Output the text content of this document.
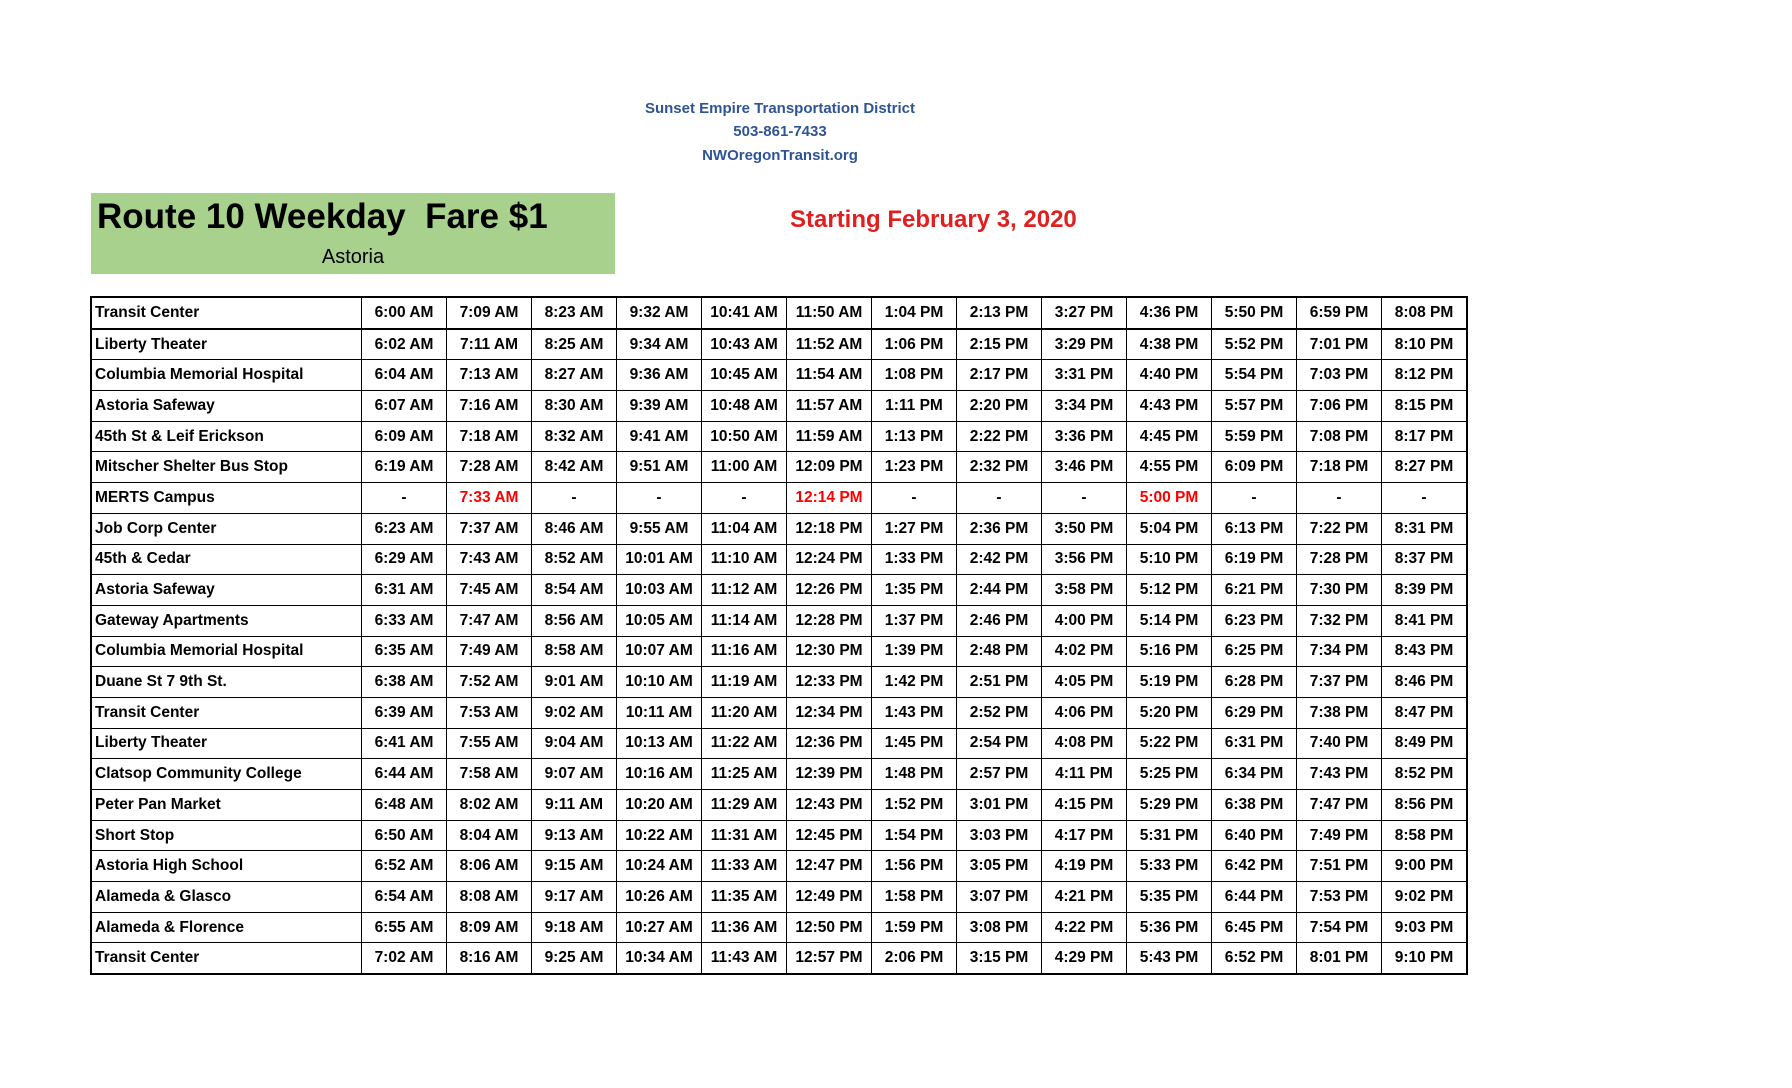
Sunset Empire Transportation District
503-861-7433
NWOregonTransit.org
Route 10 Weekday  Fare $1
Astoria
Starting February 3, 2020
Transit Center	6:00 AM	7:09 AM	8:23 AM	9:32 AM	10:41 AM	11:50 AM	1:04 PM	2:13 PM	3:27 PM	4:36 PM	5:50 PM	6:59 PM	8:08 PM
Liberty Theater	6:02 AM	7:11 AM	8:25 AM	9:34 AM	10:43 AM	11:52 AM	1:06 PM	2:15 PM	3:29 PM	4:38 PM	5:52 PM	7:01 PM	8:10 PM
Columbia Memorial Hospital	6:04 AM	7:13 AM	8:27 AM	9:36 AM	10:45 AM	11:54 AM	1:08 PM	2:17 PM	3:31 PM	4:40 PM	5:54 PM	7:03 PM	8:12 PM
Astoria Safeway	6:07 AM	7:16 AM	8:30 AM	9:39 AM	10:48 AM	11:57 AM	1:11 PM	2:20 PM	3:34 PM	4:43 PM	5:57 PM	7:06 PM	8:15 PM
45th St & Leif Erickson	6:09 AM	7:18 AM	8:32 AM	9:41 AM	10:50 AM	11:59 AM	1:13 PM	2:22 PM	3:36 PM	4:45 PM	5:59 PM	7:08 PM	8:17 PM
Mitscher Shelter Bus Stop	6:19 AM	7:28 AM	8:42 AM	9:51 AM	11:00 AM	12:09 PM	1:23 PM	2:32 PM	3:46 PM	4:55 PM	6:09 PM	7:18 PM	8:27 PM
MERTS Campus	-	7:33 AM	-	-	-	12:14 PM	-	-	-	5:00 PM	-	-	-
Job Corp Center	6:23 AM	7:37 AM	8:46 AM	9:55 AM	11:04 AM	12:18 PM	1:27 PM	2:36 PM	3:50 PM	5:04 PM	6:13 PM	7:22 PM	8:31 PM
45th & Cedar	6:29 AM	7:43 AM	8:52 AM	10:01 AM	11:10 AM	12:24 PM	1:33 PM	2:42 PM	3:56 PM	5:10 PM	6:19 PM	7:28 PM	8:37 PM
Astoria Safeway	6:31 AM	7:45 AM	8:54 AM	10:03 AM	11:12 AM	12:26 PM	1:35 PM	2:44 PM	3:58 PM	5:12 PM	6:21 PM	7:30 PM	8:39 PM
Gateway Apartments	6:33 AM	7:47 AM	8:56 AM	10:05 AM	11:14 AM	12:28 PM	1:37 PM	2:46 PM	4:00 PM	5:14 PM	6:23 PM	7:32 PM	8:41 PM
Columbia Memorial Hospital	6:35 AM	7:49 AM	8:58 AM	10:07 AM	11:16 AM	12:30 PM	1:39 PM	2:48 PM	4:02 PM	5:16 PM	6:25 PM	7:34 PM	8:43 PM
Duane St 7 9th St.	6:38 AM	7:52 AM	9:01 AM	10:10 AM	11:19 AM	12:33 PM	1:42 PM	2:51 PM	4:05 PM	5:19 PM	6:28 PM	7:37 PM	8:46 PM
Transit Center	6:39 AM	7:53 AM	9:02 AM	10:11 AM	11:20 AM	12:34 PM	1:43 PM	2:52 PM	4:06 PM	5:20 PM	6:29 PM	7:38 PM	8:47 PM
Liberty Theater	6:41 AM	7:55 AM	9:04 AM	10:13 AM	11:22 AM	12:36 PM	1:45 PM	2:54 PM	4:08 PM	5:22 PM	6:31 PM	7:40 PM	8:49 PM
Clatsop Community College	6:44 AM	7:58 AM	9:07 AM	10:16 AM	11:25 AM	12:39 PM	1:48 PM	2:57 PM	4:11 PM	5:25 PM	6:34 PM	7:43 PM	8:52 PM
Peter Pan Market	6:48 AM	8:02 AM	9:11 AM	10:20 AM	11:29 AM	12:43 PM	1:52 PM	3:01 PM	4:15 PM	5:29 PM	6:38 PM	7:47 PM	8:56 PM
Short Stop	6:50 AM	8:04 AM	9:13 AM	10:22 AM	11:31 AM	12:45 PM	1:54 PM	3:03 PM	4:17 PM	5:31 PM	6:40 PM	7:49 PM	8:58 PM
Astoria High School	6:52 AM	8:06 AM	9:15 AM	10:24 AM	11:33 AM	12:47 PM	1:56 PM	3:05 PM	4:19 PM	5:33 PM	6:42 PM	7:51 PM	9:00 PM
Alameda & Glasco	6:54 AM	8:08 AM	9:17 AM	10:26 AM	11:35 AM	12:49 PM	1:58 PM	3:07 PM	4:21 PM	5:35 PM	6:44 PM	7:53 PM	9:02 PM
Alameda & Florence	6:55 AM	8:09 AM	9:18 AM	10:27 AM	11:36 AM	12:50 PM	1:59 PM	3:08 PM	4:22 PM	5:36 PM	6:45 PM	7:54 PM	9:03 PM
Transit Center	7:02 AM	8:16 AM	9:25 AM	10:34 AM	11:43 AM	12:57 PM	2:06 PM	3:15 PM	4:29 PM	5:43 PM	6:52 PM	8:01 PM	9:10 PM
